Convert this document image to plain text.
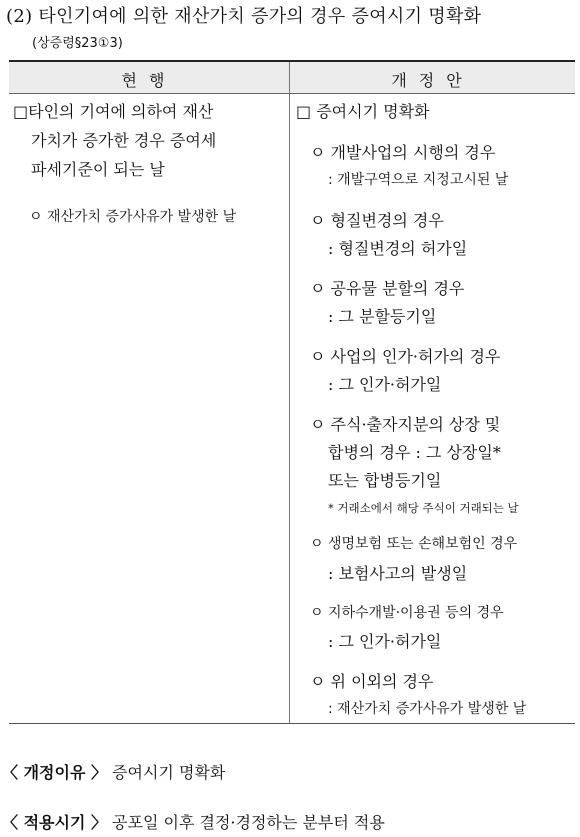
(2) 타인기여에 의한 재산가치 증가의 경우 증여시기 명확화
(상증령§23①3)
현행	개정안
□타인의 기여에 의하여 재산
가치가 증가한 경우 증여세
파세기준이 되는 날
ㅇ 재산가치 증가사유가 발생한 날
□ 증여시기 명확화
ㅇ 개발사업의 시행의 경우
: 개발구역으로 지정고시된 날
ㅇ 형질변경의 경우
: 형질변경의 허가일
ㅇ 공유물 분할의 경우
: 그 분할등기일
ㅇ 사업의 인가·허가의 경우
: 그 인가·허가일
ㅇ 주식·출자지분의 상장 및
합병의 경우 : 그 상장일*
또는 합병등기일
* 거래소에서 해당 주식이 거래되는 날
ㅇ 생명보험 또는 손해보험인 경우
: 보험사고의 발생일
ㅇ 지하수개발·이용권 등의 경우
: 그 인가·허가일
ㅇ 위 이외의 경우
: 재산가치 증가사유가 발생한 날
〈 개정이유 〉 증여시기 명확화
〈 적용시기 〉 공포일 이후 결정·경정하는 분부터 적용
